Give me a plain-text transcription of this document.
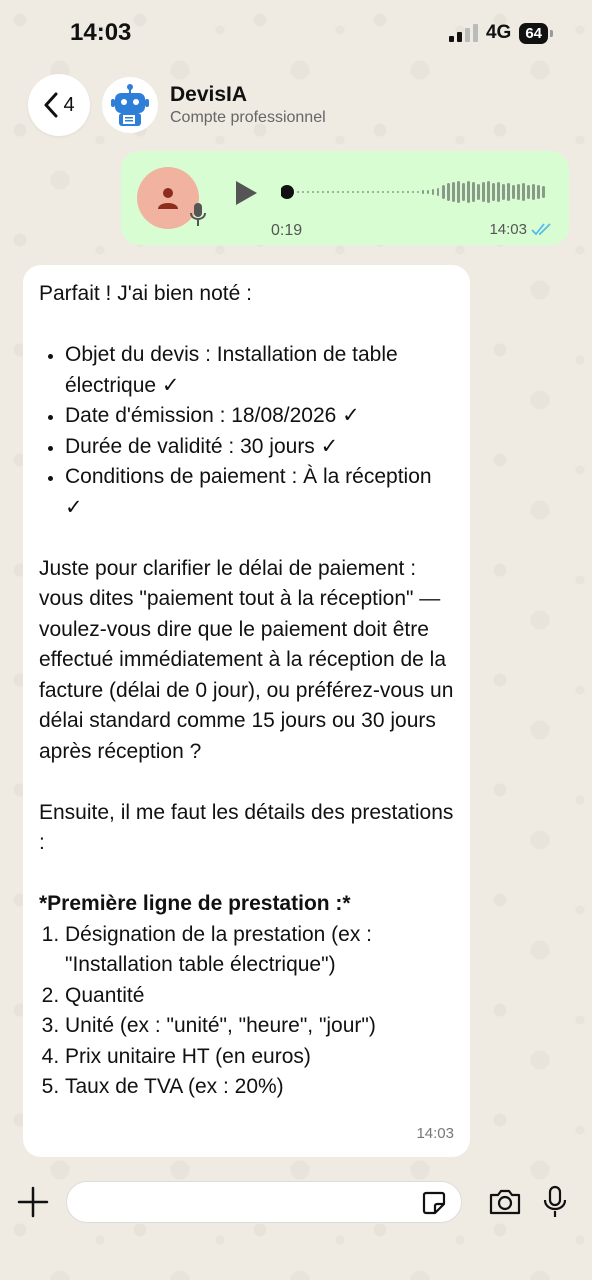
14:03	4G 64
4	DevisIA
Compte professionnel
0:19	14:03

Parfait ! J'ai bien noté :

• Objet du devis : Installation de table électrique ✓
• Date d'émission : 18/08/2026 ✓
• Durée de validité : 30 jours ✓
• Conditions de paiement : À la réception ✓

Juste pour clarifier le délai de paiement : vous dites "paiement tout à la réception" — voulez-vous dire que le paiement doit être effectué immédiatement à la réception de la facture (délai de 0 jour), ou préférez-vous un délai standard comme 15 jours ou 30 jours après réception ?

Ensuite, il me faut les détails des prestations :

*Première ligne de prestation :*

1. Désignation de la prestation (ex : "Installation table électrique")
2. Quantité
3. Unité (ex : "unité", "heure", "jour")
4. Prix unitaire HT (en euros)
5. Taux de TVA (ex : 20%)
14:03
